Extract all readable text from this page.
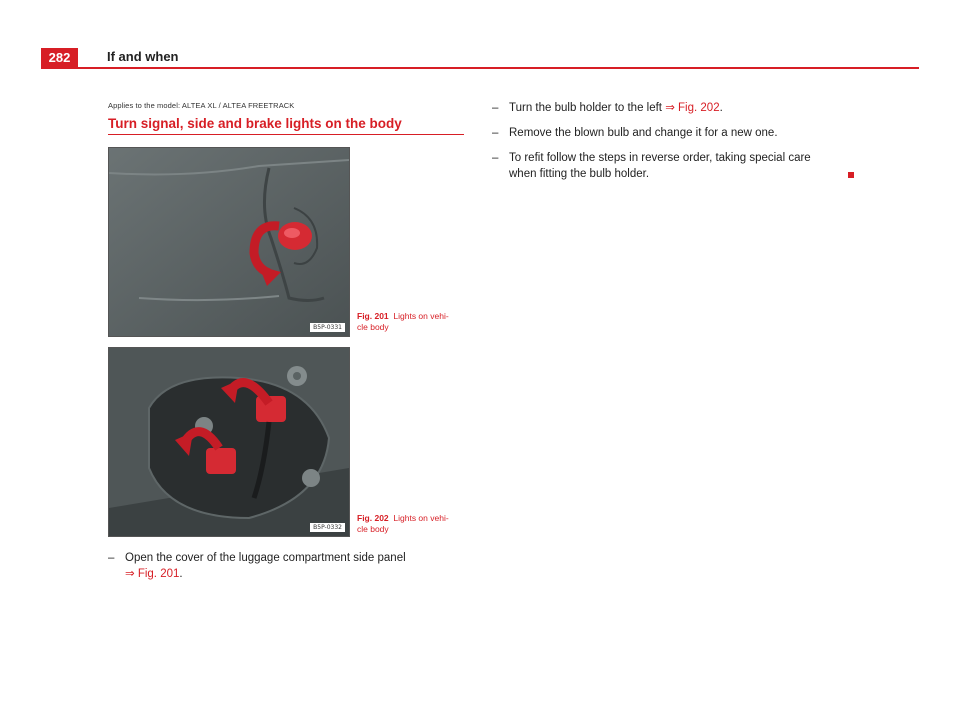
282	If and when
Applies to the model: ALTEA XL / ALTEA FREETRACK
Turn signal, side and brake lights on the body
B5P-0331
Fig. 201 Lights on vehi-
cle body
B5P-0332
Fig. 202 Lights on vehi-
cle body
– Open the cover of the luggage compartment side panel
⇒ Fig. 201.
– Turn the bulb holder to the left ⇒ Fig. 202.
– Remove the blown bulb and change it for a new one.
– To refit follow the steps in reverse order, taking special care
when fitting the bulb holder.
